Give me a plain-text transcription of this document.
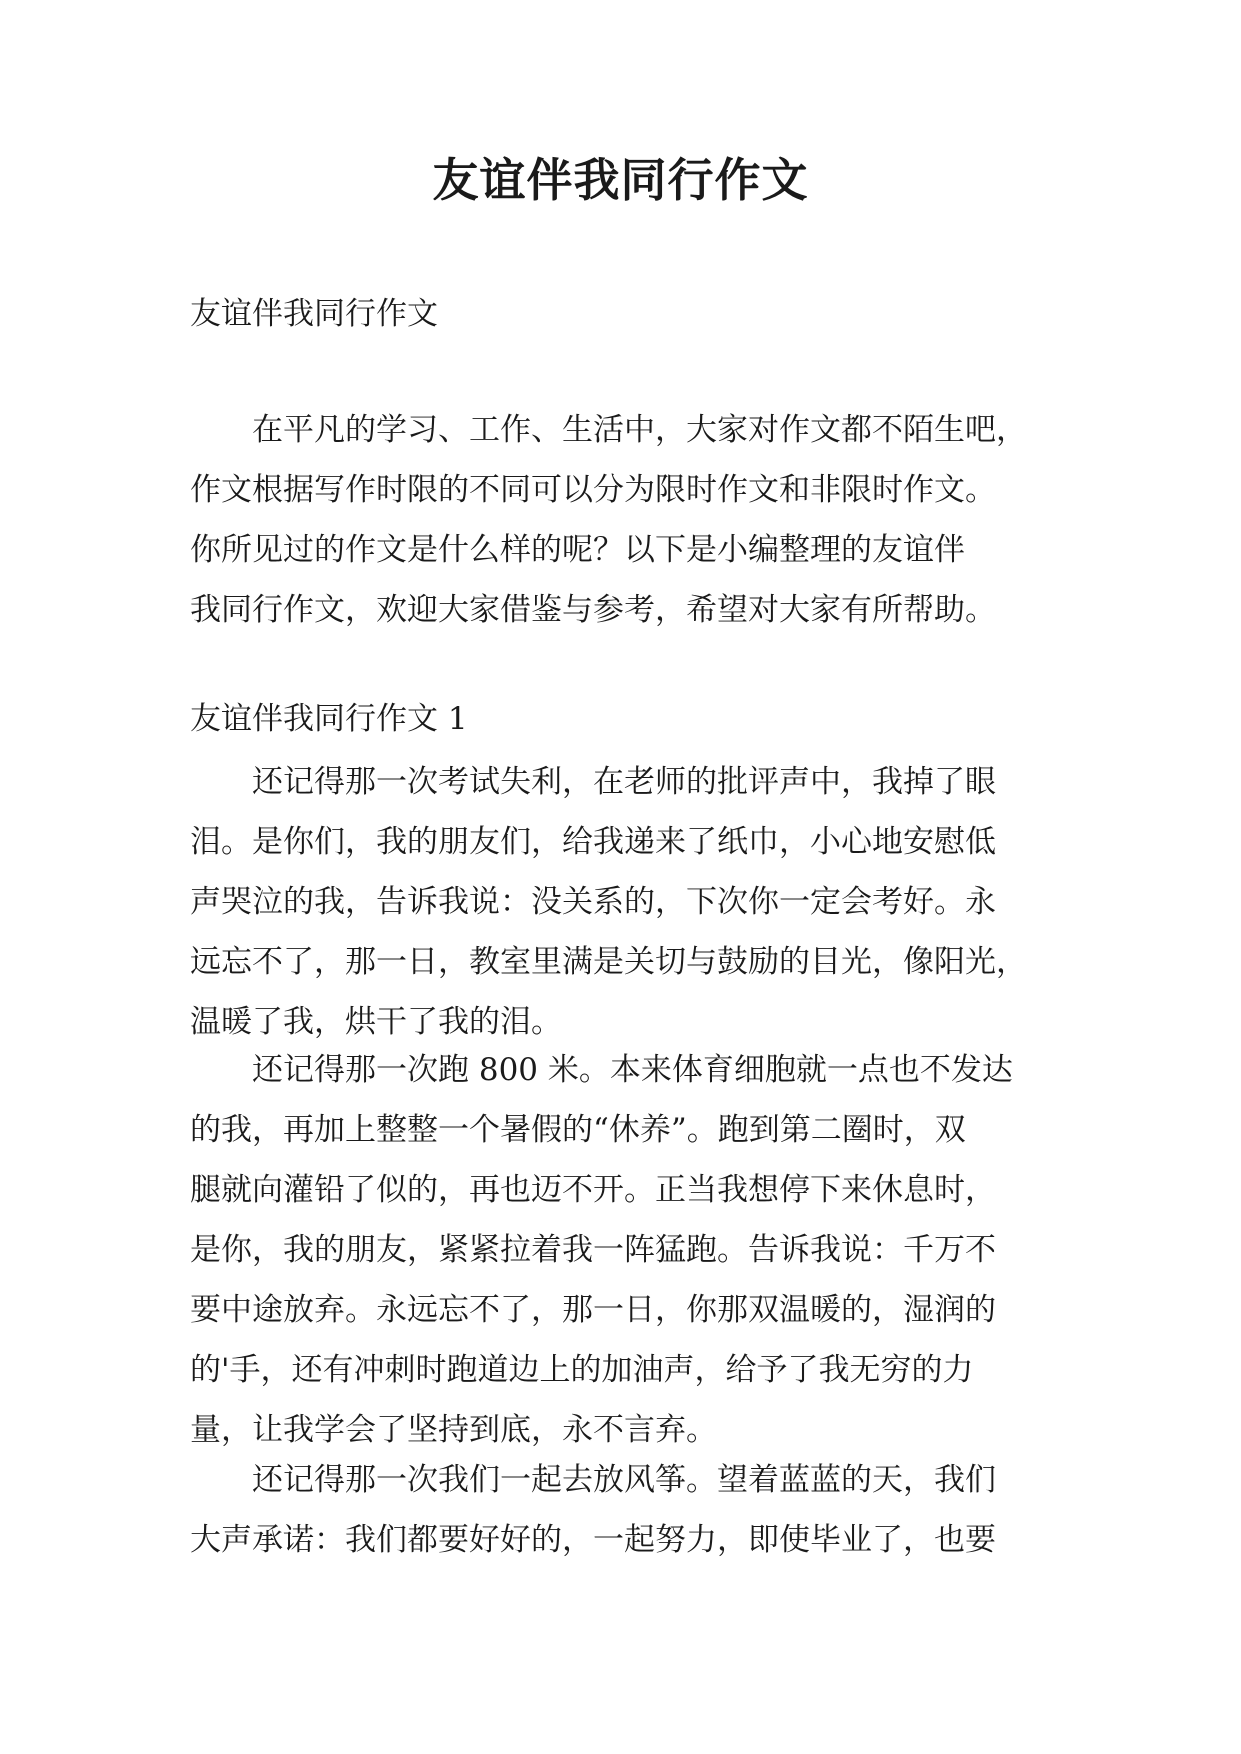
友谊伴我同行作文

友谊伴我同行作文

　　在平凡的学习、工作、生活中，大家对作文都不陌生吧，
作文根据写作时限的不同可以分为限时作文和非限时作文。
你所见过的作文是什么样的呢？以下是小编整理的友谊伴
我同行作文，欢迎大家借鉴与参考，希望对大家有所帮助。

友谊伴我同行作文 1

　　还记得那一次考试失利，在老师的批评声中，我掉了眼
泪。是你们，我的朋友们，给我递来了纸巾，小心地安慰低
声哭泣的我，告诉我说：没关系的，下次你一定会考好。永
远忘不了，那一日，教室里满是关切与鼓励的目光，像阳光，
温暖了我，烘干了我的泪。

　　还记得那一次跑 800 米。本来体育细胞就一点也不发达
的我，再加上整整一个暑假的“休养”。跑到第二圈时，双
腿就向灌铅了似的，再也迈不开。正当我想停下来休息时，
是你，我的朋友，紧紧拉着我一阵猛跑。告诉我说：千万不
要中途放弃。永远忘不了，那一日，你那双温暖的，湿润的
的'手，还有冲刺时跑道边上的加油声，给予了我无穷的力
量，让我学会了坚持到底，永不言弃。

　　还记得那一次我们一起去放风筝。望着蓝蓝的天，我们
大声承诺：我们都要好好的，一起努力，即使毕业了，也要
